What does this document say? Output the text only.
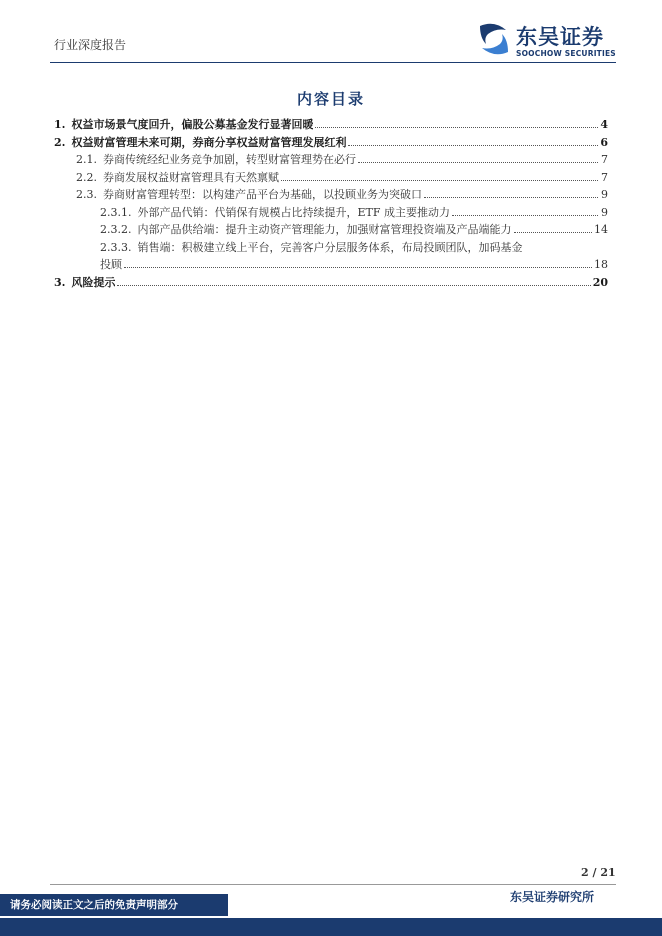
行业深度报告	东吴证券
SOOCHOW SECURITIES
内容目录
1. 权益市场景气度回升，偏股公募基金发行显著回暖	4
2. 权益财富管理未来可期，券商分享权益财富管理发展红利	6
2.1. 券商传统经纪业务竞争加剧，转型财富管理势在必行	7
2.2. 券商发展权益财富管理具有天然禀赋	7
2.3. 券商财富管理转型：以构建产品平台为基础，以投顾业务为突破口	9
2.3.1. 外部产品代销：代销保有规模占比持续提升，ETF 成主要推动力	9
2.3.2. 内部产品供给端：提升主动资产管理能力，加强财富管理投资端及产品端能力	14
2.3.3. 销售端：积极建立线上平台，完善客户分层服务体系，布局投顾团队，加码基金
投顾	18
3. 风险提示	20
2 / 21
请务必阅读正文之后的免责声明部分
东吴证券研究所
